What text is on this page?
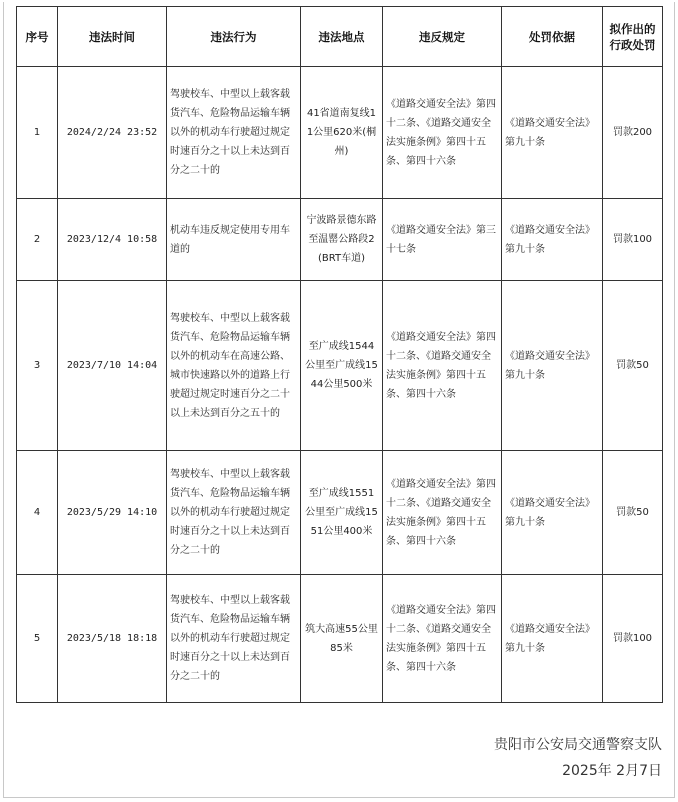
序号	违法时间	违法行为	违法地点	违反规定	处罚依据	拟作出的行政处罚
1	2024/2/24 23:52	驾驶校车、中型以上载客载货汽车、危险物品运输车辆以外的机动车行驶超过规定时速百分之十以上未达到百分之二十的	41省道南复线11公里620米(桐州)	《道路交通安全法》第四十二条、《道路交通安全法实施条例》第四十五条、第四十六条	《道路交通安全法》第九十条	罚款200
2	2023/12/4 10:58	机动车违反规定使用专用车道的	宁波路景德东路至温罂公路段2(BRT车道)	《道路交通安全法》第三十七条	《道路交通安全法》第九十条	罚款100
3	2023/7/10 14:04	驾驶校车、中型以上载客载货汽车、危险物品运输车辆以外的机动车在高速公路、城市快速路以外的道路上行驶超过规定时速百分之二十以上未达到百分之五十的	至广成线1544公里至广成线1544公里500米	《道路交通安全法》第四十二条、《道路交通安全法实施条例》第四十五条、第四十六条	《道路交通安全法》第九十条	罚款50
4	2023/5/29 14:10	驾驶校车、中型以上载客载货汽车、危险物品运输车辆以外的机动车行驶超过规定时速百分之十以上未达到百分之二十的	至广成线1551公里至广成线1551公里400米	《道路交通安全法》第四十二条、《道路交通安全法实施条例》第四十五条、第四十六条	《道路交通安全法》第九十条	罚款50
5	2023/5/18 18:18	驾驶校车、中型以上载客载货汽车、危险物品运输车辆以外的机动车行驶超过规定时速百分之十以上未达到百分之二十的	筑大高速55公里85米	《道路交通安全法》第四十二条、《道路交通安全法实施条例》第四十五条、第四十六条	《道路交通安全法》第九十条	罚款100
贵阳市公安局交通警察支队
2025年 2月7日
